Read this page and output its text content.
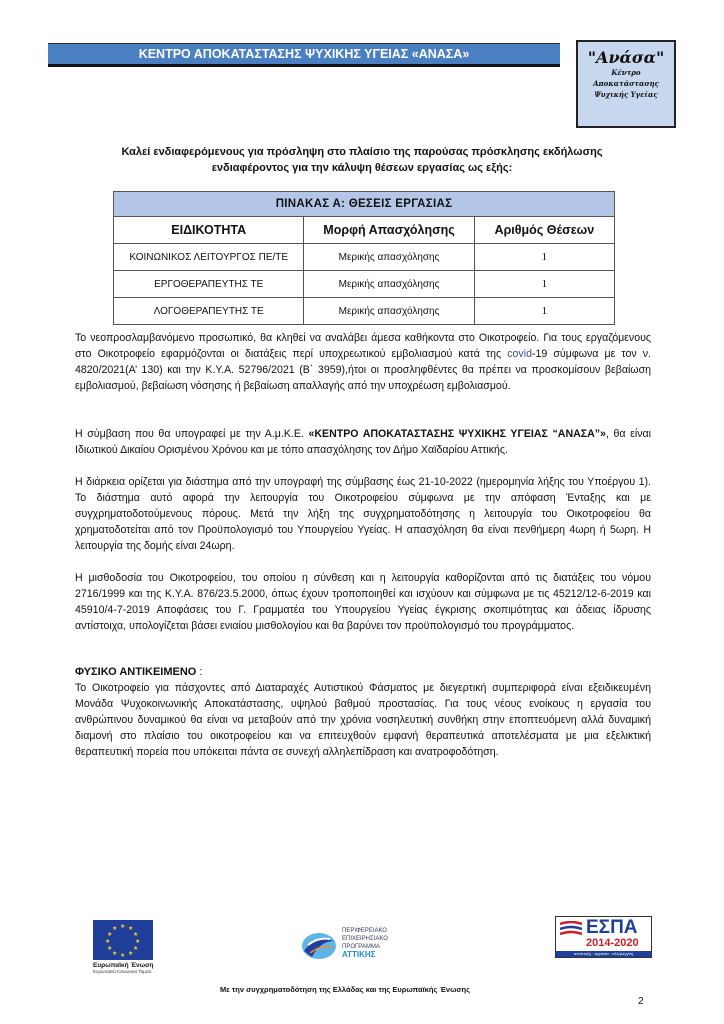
ΚΕΝΤΡΟ ΑΠΟΚΑΤΑΣΤΑΣΗΣ ΨΥΧΙΚΗΣ ΥΓΕΙΑΣ «ΑΝΑΣΑ»	"Ανάσα"
Κέντρο Αποκατάστασης
Ψυχικής Υγείας
Καλεί ενδιαφερόμενους για πρόσληψη στο πλαίσιο της παρούσας πρόσκλησης εκδήλωσης ενδιαφέροντος για την κάλυψη θέσεων εργασίας ως εξής:
ΠΙΝΑΚΑΣ Α: ΘΕΣΕΙΣ ΕΡΓΑΣΙΑΣ		
ΕΙΔΙΚΟΤΗΤΑ	Μορφή Απασχόλησης	Αριθμός Θέσεων
ΚΟΙΝΩΝΙΚΟΣ ΛΕΙΤΟΥΡΓΟΣ ΠΕ/ΤΕ	Μερικής απασχόλησης	1
ΕΡΓΟΘΕΡΑΠΕΥΤΗΣ ΤΕ	Μερικής απασχόλησης	1
ΛΟΓΟΘΕΡΑΠΕΥΤΗΣ ΤΕ	Μερικής απασχόλησης	1
Το νεοπροσλαμβανόμενο προσωπικό, θα κληθεί να αναλάβει άμεσα καθήκοντα στο Οικοτροφείο. Για τους εργαζόμενους στο Οικοτροφείο εφαρμόζονται οι διατάξεις περί υποχρεωτικού εμβολιασμού κατά της covid-19 σύμφωνα με τον ν. 4820/2021(Α’ 130) και την Κ.Υ.Α. 52796/2021 (Β΄ 3959),ήτοι οι προσληφθέντες θα πρέπει να προσκομίσουν βεβαίωση εμβολιασμού, βεβαίωση νόσησης ή βεβαίωση απαλλαγής από την υποχρέωση εμβολιασμού.
Η σύμβαση που θα υπογραφεί με την Α.μ.Κ.Ε. «ΚΕΝΤΡΟ ΑΠΟΚΑΤΑΣΤΑΣΗΣ ΨΥΧΙΚΗΣ ΥΓΕΙΑΣ “ΑΝΑΣΑ”», θα είναι Ιδιωτικού Δικαίου Ορισμένου Χρόνου και με τόπο απασχόλησης τον Δήμο Χαϊδαρίου Αττικής.
Η διάρκεια ορίζεται για διάστημα από την υπογραφή της σύμβασης έως 21-10-2022 (ημερομηνία λήξης του Υποέργου 1). Το διάστημα αυτό αφορά την λειτουργία του Οικοτροφείου σύμφωνα με την απόφαση Ένταξης και με συγχρηματοδοτούμενους πόρους. Μετά την λήξη της συγχρηματοδότησης η λειτουργία του Οικοτροφείου θα χρηματοδοτείται από τον Προϋπολογισμό του Υπουργείου Υγείας. Η απασχόληση θα είναι πενθήμερη 4ωρη ή 5ωρη. Η λειτουργία της δομής είναι 24ωρη.
Η μισθοδοσία του Οικοτροφείου, του οποίου η σύνθεση και η λειτουργία καθορίζονται από τις διατάξεις του νόμου 2716/1999 και της Κ.Υ.Α. 876/23.5.2000, όπως έχουν τροποποιηθεί και ισχύουν και σύμφωνα με τις 45212/12-6-2019 και 45910/4-7-2019 Αποφάσεις του Γ. Γραμματέα του Υπουργείου Υγείας έγκρισης σκοπιμότητας και άδειας ίδρυσης αντίστοιχα, υπολογίζεται βάσει ενιαίου μισθολογίου και θα βαρύνει τον προϋπολογισμό του προγράμματος.
ΦΥΣΙΚΟ ΑΝΤΙΚΕΙΜΕΝΟ :
Το Οικοτροφείο για πάσχοντες από Διαταραχές Αυτιστικού Φάσματος με διεγερτική συμπεριφορά είναι εξειδικευμένη Μονάδα Ψυχοκοινωνικής Αποκατάστασης, υψηλού βαθμού προστασίας. Για τους νέους ενοίκους η εργασία του ανθρώπινου δυναμικού θα είναι να μεταβούν από την χρόνια νοσηλευτική συνθήκη στην εποπτευόμενη αλλά δυναμική διαμονή στο πλαίσιο του οικοτροφείου και να επιτευχθούν εμφανή θεραπευτικά αποτελέσματα με μια εξελικτική θεραπευτική πορεία που υπόκειται πάντα σε συνεχή αλληλεπίδραση και ανατροφοδότηση.
★ ★
★
★
★
★
★
★
★
★
★
★
Ευρωπαϊκή Ένωση
Ευρωπαϊκό Κοινωνικό Ταμείο
ΠΕΡΙΦΕΡΕΙΑΚΟ
ΕΠΙΧΕΙΡΗΣΙΑΚΟ
ΠΡΟΓΡΑΜΜΑ
ΑΤΤΙΚΗΣ
ΕΣΠΑ
2014-2020
ανάπτυξη · εργασία · αλληλεγγύη
Με την συγχρηματοδότηση της Ελλάδας και της Ευρωπαϊκής Ένωσης
2
